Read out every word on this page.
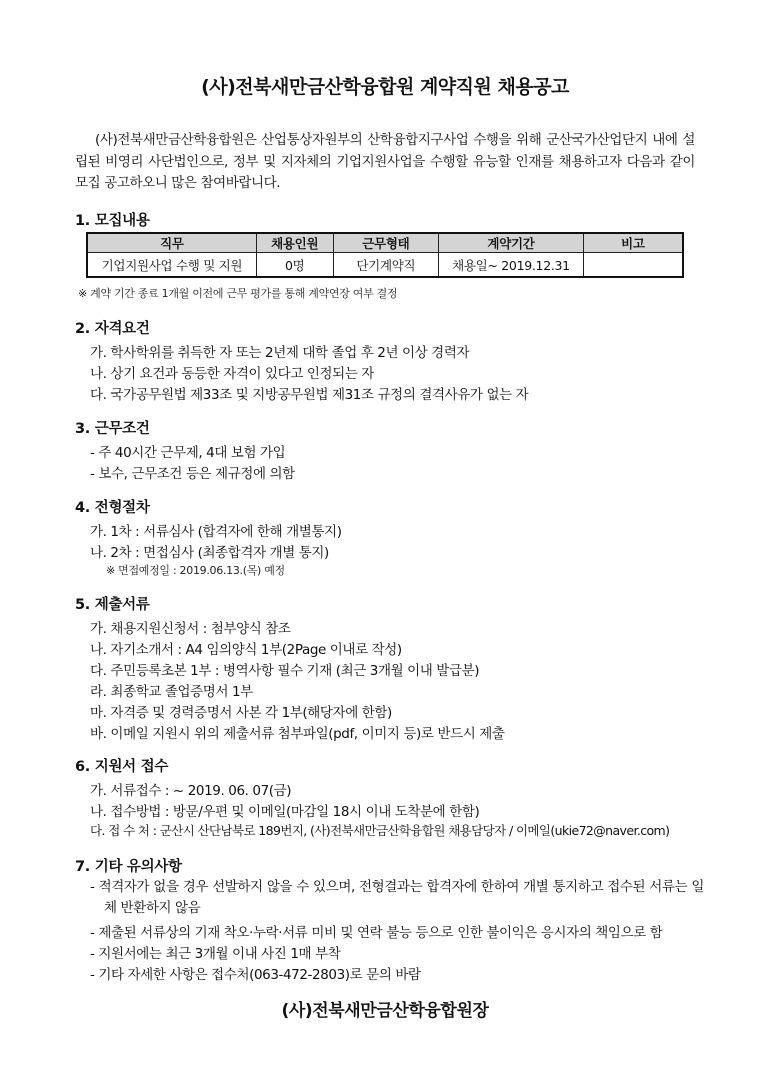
(사)전북새만금산학융합원 계약직원 채용공고
(사)전북새만금산학융합원은 산업통상자원부의 산학융합지구사업 수행을 위해 군산국가산업단지 내에 설립된 비영리 사단법인으로, 정부 및 지자체의 기업지원사업을 수행할 유능할 인재를 채용하고자 다음과 같이 모집 공고하오니 많은 참여바랍니다.
1. 모집내용
직무	채용인원	근무형태	계약기간	비고
기업지원사업 수행 및 지원	0명	단기계약직	채용일~ 2019.12.31	
※ 계약 기간 종료 1개월 이전에 근무 평가를 통해 계약연장 여부 결정
2. 자격요건
가. 학사학위를 취득한 자 또는 2년제 대학 졸업 후 2년 이상 경력자
나. 상기 요건과 동등한 자격이 있다고 인정되는 자
다. 국가공무원법 제33조 및 지방공무원법 제31조 규정의 결격사유가 없는 자
3. 근무조건
- 주 40시간 근무제, 4대 보험 가입
- 보수, 근무조건 등은 제규정에 의함
4. 전형절차
가. 1차 : 서류심사 (합격자에 한해 개별통지)
나. 2차 : 면접심사 (최종합격자 개별 통지)
※ 면접예정일 : 2019.06.13.(목) 예정
5. 제출서류
가. 채용지원신청서 : 첨부양식 참조
나. 자기소개서 : A4 임의양식 1부(2Page 이내로 작성)
다. 주민등록초본 1부 : 병역사항 필수 기재 (최근 3개월 이내 발급분)
라. 최종학교 졸업증명서 1부
마. 자격증 및 경력증명서 사본 각 1부(해당자에 한함)
바. 이메일 지원시 위의 제출서류 첨부파일(pdf, 이미지 등)로 반드시 제출
6. 지원서 접수
가. 서류접수 : ~ 2019. 06. 07(금)
나. 접수방법 : 방문/우편 및 이메일(마감일 18시 이내 도착분에 한함)
다. 접 수 처 : 군산시 산단남북로 189번지, (사)전북새만금산학융합원 채용담당자 / 이메일(ukie72@naver.com)
7. 기타 유의사항
- 적격자가 없을 경우 선발하지 않을 수 있으며, 전형결과는 합격자에 한하여 개별 통지하고 접수된 서류는 일체 반환하지 않음
- 제출된 서류상의 기재 착오·누락·서류 미비 및 연락 불능 등으로 인한 불이익은 응시자의 책임으로 함
- 지원서에는 최근 3개월 이내 사진 1매 부착
- 기타 자세한 사항은 접수처(063-472-2803)로 문의 바람
(사)전북새만금산학융합원장
